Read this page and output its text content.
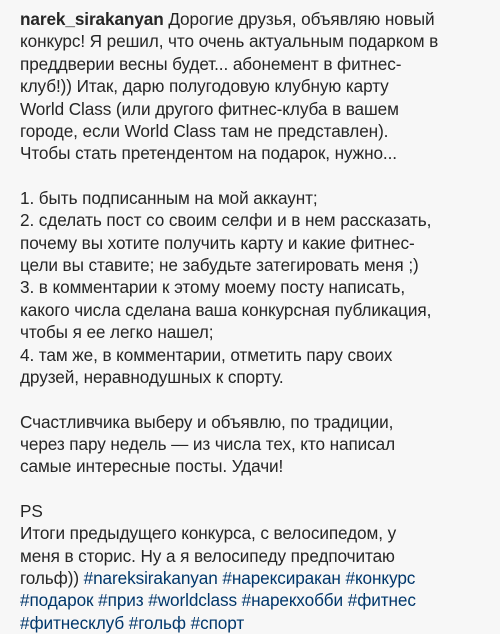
narek_sirakanyan Дорогие друзья, объявляю новый
конкурс! Я решил, что очень актуальным подарком в
преддверии весны будет... абонемент в фитнес-
клуб!)) Итак, дарю полугодовую клубную карту
World Class (или другого фитнес-клуба в вашем
городе, если World Class там не представлен).
Чтобы стать претендентом на подарок, нужно...
1. быть подписанным на мой аккаунт;
2. сделать пост со своим селфи и в нем рассказать,
почему вы хотите получить карту и какие фитнес-
цели вы ставите; не забудьте затегировать меня ;)
3. в комментарии к этому моему посту написать,
какого числа сделана ваша конкурсная публикация,
чтобы я ее легко нашел;
4. там же, в комментарии, отметить пару своих
друзей, неравнодушных к спорту.
Счастливчика выберу и объявлю, по традиции,
через пару недель — из числа тех, кто написал
самые интересные посты. Удачи!
PS
Итоги предыдущего конкурса, с велосипедом, у
меня в сторис. Ну а я велосипеду предпочитаю
гольф)) #nareksirakanyan #нарексиракан #конкурс
#подарок #приз #worldclass #нарекхобби #фитнес
#фитнесклуб #гольф #спорт
